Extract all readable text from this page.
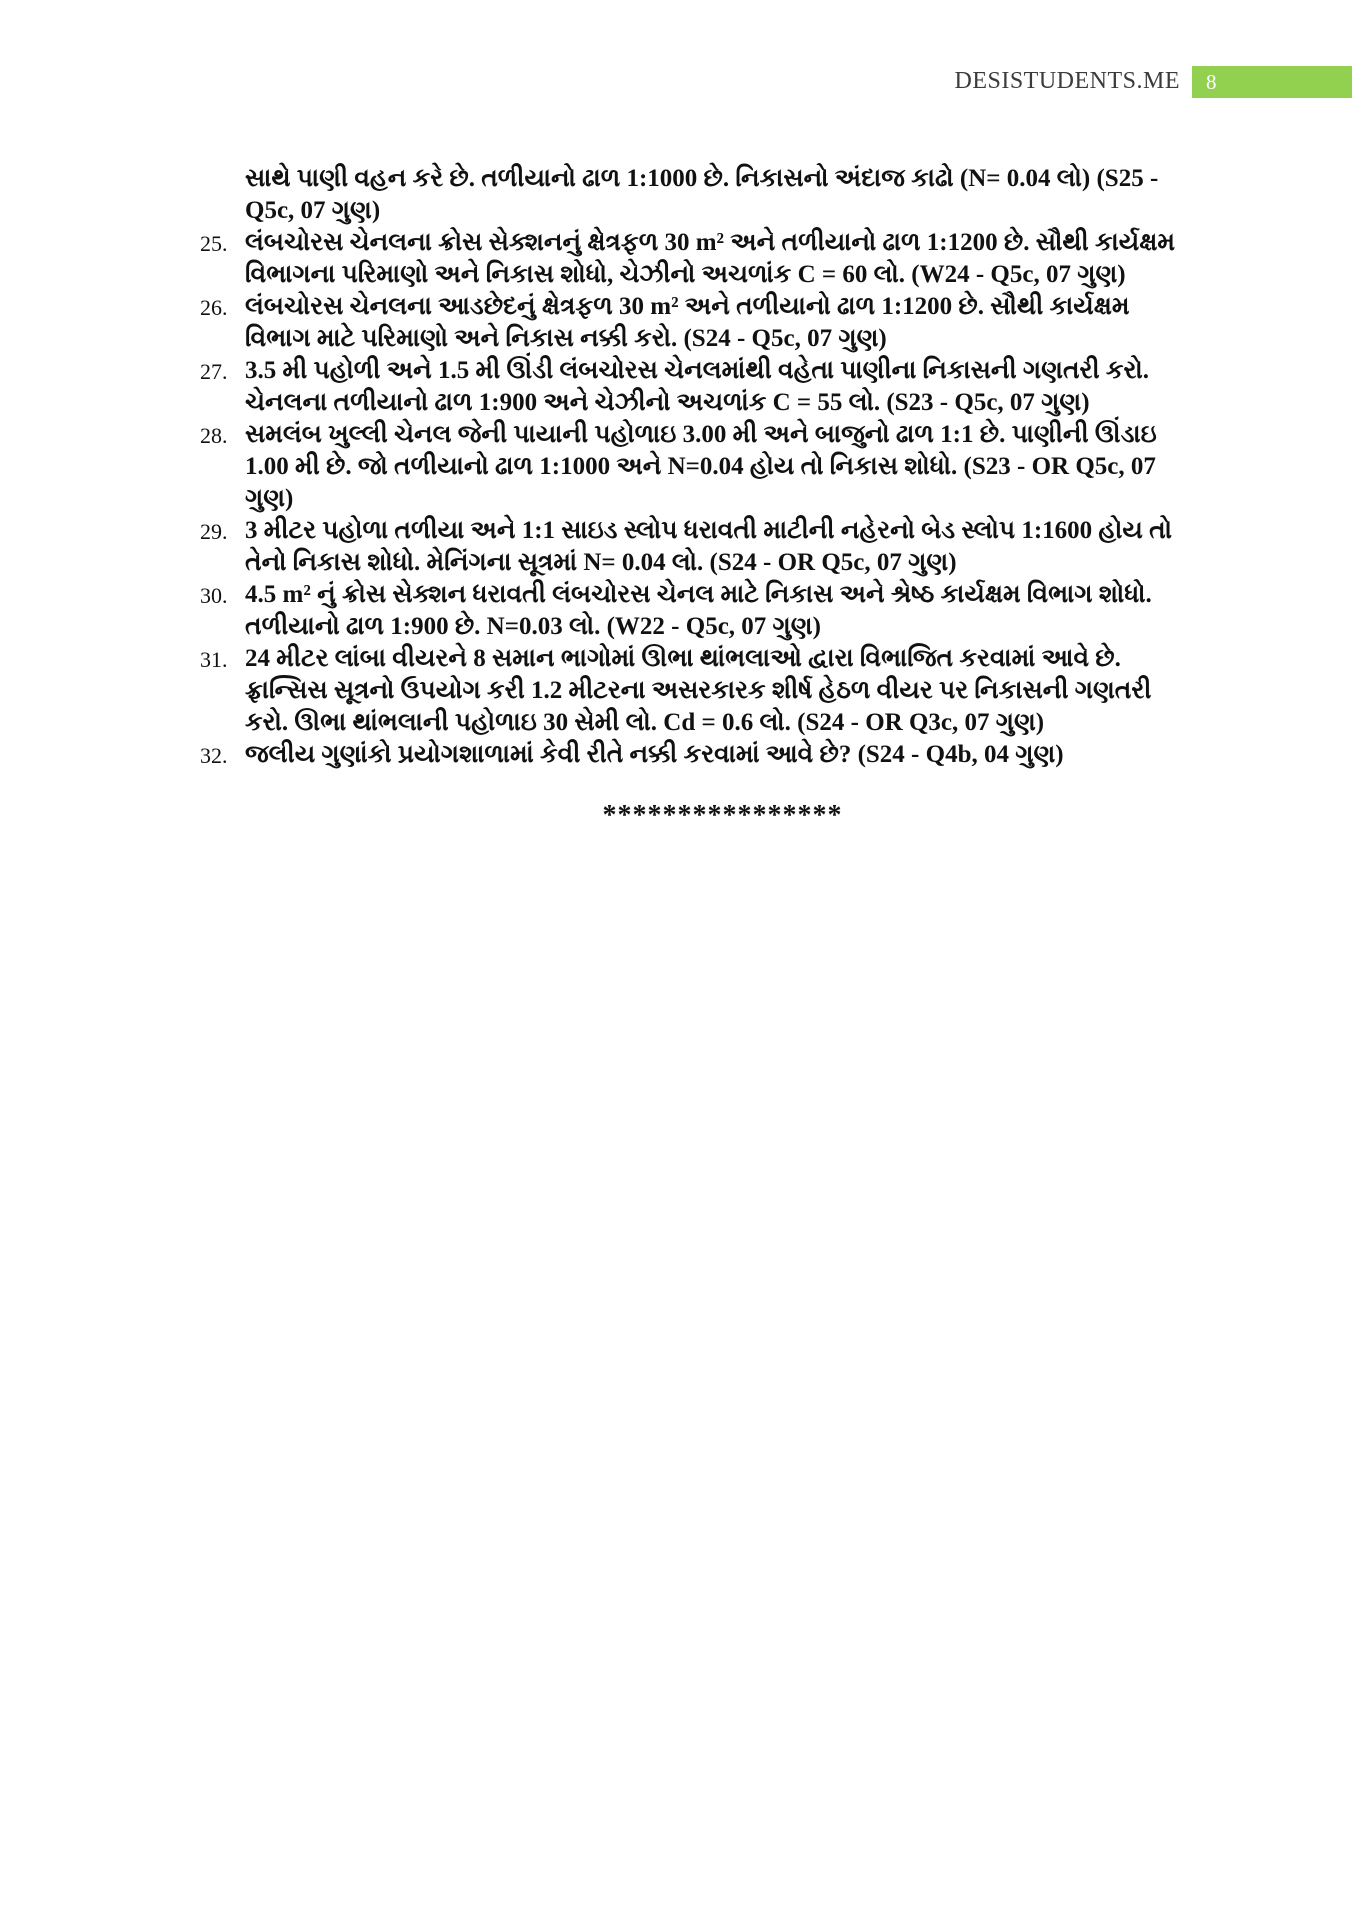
DESISTUDENTS.ME	8
સાથે પાણી વહન કરે છે. તળીયાનો ઢાળ 1:1000 છે. નિકાસનો અંદાજ કાઢો (N= 0.04 લો) (S25 - Q5c, 07 ગુણ)
25. લંબચોરસ ચેનલના ક્રોસ સેક્શનનું ક્ષેત્રફળ 30 m² અને તળીયાનો ઢાળ 1:1200 છે. સૌથી કાર્યક્ષમ વિભાગના પરિમાણો અને નિકાસ શોધો, ચેઝીનો અચળાંક C = 60 લો. (W24 - Q5c, 07 ગુણ)
26. લંબચોરસ ચેનલના આડછેદનું ક્ષેત્રફળ 30 m² અને તળીયાનો ઢાળ 1:1200 છે. સૌથી કાર્યક્ષમ વિભાગ માટે પરિમાણો અને નિકાસ નક્કી કરો. (S24 - Q5c, 07 ગુણ)
27. 3.5 મી પહોળી અને 1.5 મી ઊંડી લંબચોરસ ચેનલમાંથી વહેતા પાણીના નિકાસની ગણતરી કરો. ચેનલના તળીયાનો ઢાળ 1:900 અને ચેઝીનો અચળાંક C = 55 લો. (S23 - Q5c, 07 ગુણ)
28. સમલંબ ખુલ્લી ચેનલ જેની પાયાની પહોળાઇ 3.00 મી અને બાજુનો ઢાળ 1:1 છે. પાણીની ઊંડાઇ 1.00 મી છે. જો તળીયાનો ઢાળ 1:1000 અને N=0.04 હોય તો નિકાસ શોધો. (S23 - OR Q5c, 07 ગુણ)
29. 3 મીટર પહોળા તળીયા અને 1:1 સાઇડ સ્લોપ ધરાવતી માટીની નહેરનો બેડ સ્લોપ 1:1600 હોય તો તેનો નિકાસ શોધો. મેનિંગના સૂત્રમાં N= 0.04 લો. (S24 - OR Q5c, 07 ગુણ)
30. 4.5 m² નું ક્રોસ સેક્શન ધરાવતી લંબચોરસ ચેનલ માટે નિકાસ અને શ્રેષ્ઠ કાર્યક્ષમ વિભાગ શોધો. તળીયાનો ઢાળ 1:900 છે. N=0.03 લો. (W22 - Q5c, 07 ગુણ)
31. 24 મીટર લાંબા વીયરને 8 સમાન ભાગોમાં ઊભા થાંભલાઓ દ્વારા વિભાજિત કરવામાં આવે છે. ફ્રાન્સિસ સૂત્રનો ઉપયોગ કરી 1.2 મીટરના અસરકારક શીર્ષ હેઠળ વીયર પર નિકાસની ગણતરી કરો. ઊભા થાંભલાની પહોળાઇ 30 સેમી લો. Cd = 0.6 લો. (S24 - OR Q3c, 07 ગુણ)
32. જલીય ગુણાંકો પ્રયોગશાળામાં કેવી રીતે નક્કી કરવામાં આવે છે? (S24 - Q4b, 04 ગુણ)
****************
